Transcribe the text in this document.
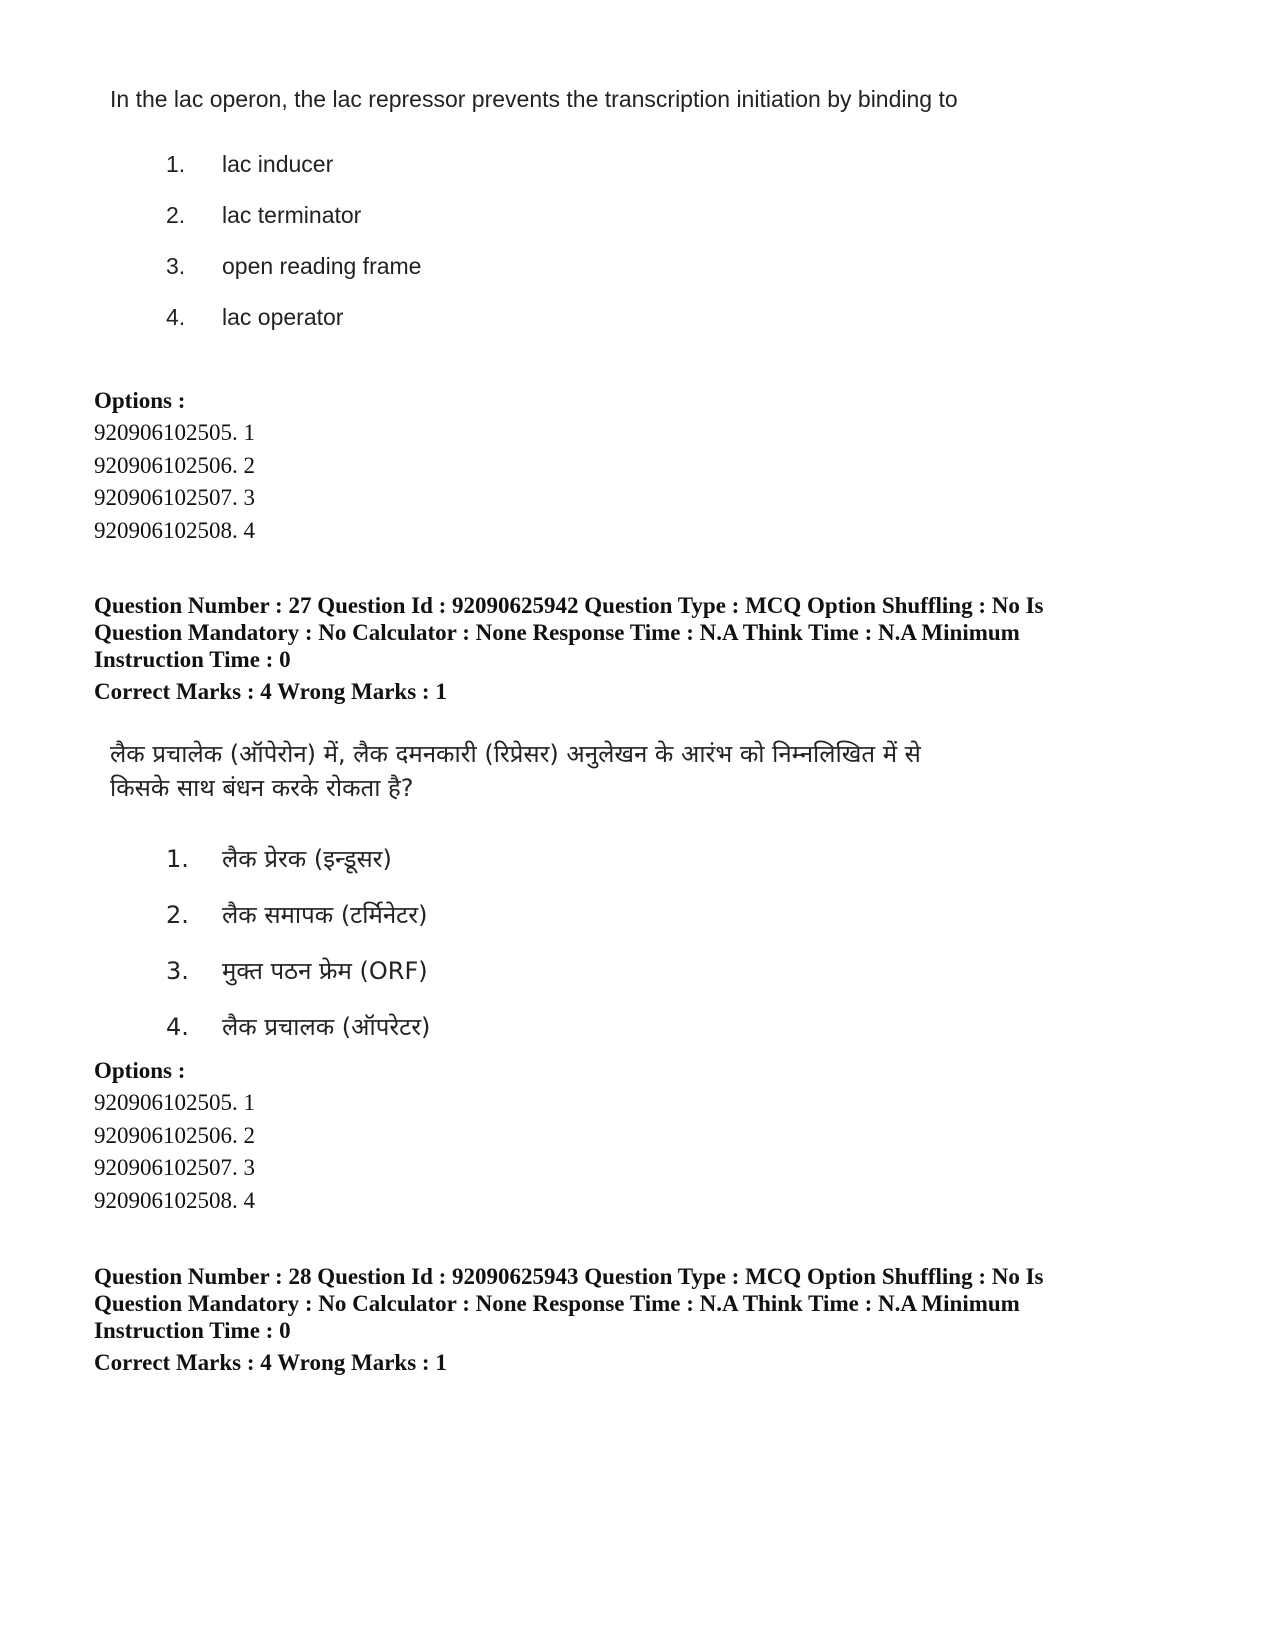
In the lac operon, the lac repressor prevents the transcription initiation by binding to

1. lac inducer
2. lac terminator
3. open reading frame
4. lac operator

Options :

920906102505. 1

920906102506. 2

920906102507. 3

920906102508. 4

Question Number : 27 Question Id : 92090625942 Question Type : MCQ Option Shuffling : No Is Question Mandatory : No Calculator : None Response Time : N.A Think Time : N.A Minimum Instruction Time : 0

Correct Marks : 4 Wrong Marks : 1

लैक प्रचालेक (ऑपेरोन) में, लैक दमनकारी (रिप्रेसर) अनुलेखन के आरंभ को निम्नलिखित में से किसके साथ बंधन करके रोकता है?

1. लैक प्रेरक (इन्डूसर)
2. लैक समापक (टर्मिनेटर)
3. मुक्त पठन फ्रेम (ORF)
4. लैक प्रचालक (ऑपरेटर)

Options :

920906102505. 1

920906102506. 2

920906102507. 3

920906102508. 4

Question Number : 28 Question Id : 92090625943 Question Type : MCQ Option Shuffling : No Is Question Mandatory : No Calculator : None Response Time : N.A Think Time : N.A Minimum Instruction Time : 0

Correct Marks : 4 Wrong Marks : 1
